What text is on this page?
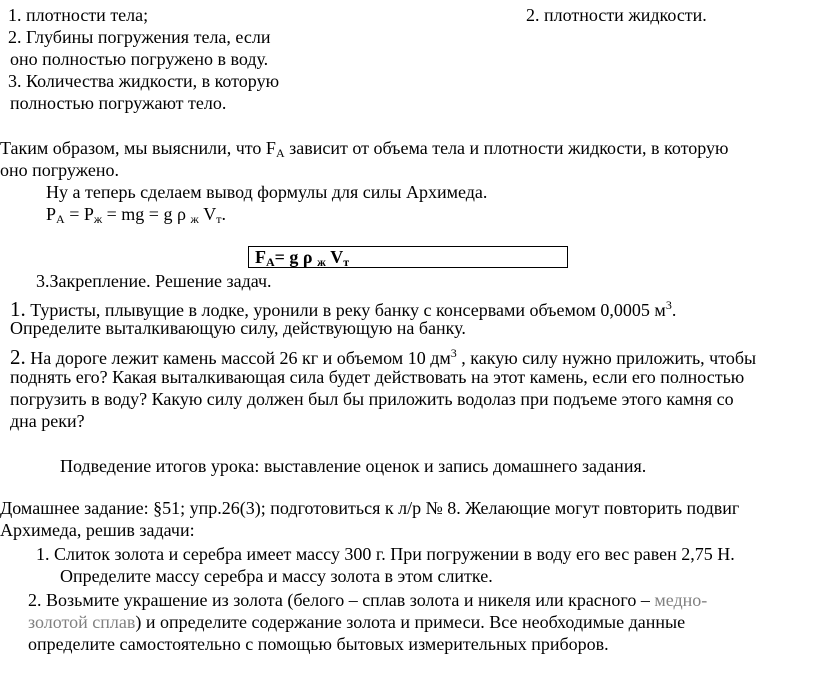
1. плотности тела;	2. плотности жидкости.
2. Глубины погружения тела, если
оно полностью погружено в воду.
3. Количества жидкости, в которую
полностью погружают тело.
Таким образом, мы выяснили, что $F_A$ зависит от объема тела и плотности жидкости, в которую
оно погружено.
Ну а теперь сделаем вывод формулы для силы Архимеда.
$P_A = P_ж$ = mg = g ρ $_ж$ $V_т$.
$F_A= g$ ρ $_ж$ $V_т$
3.Закрепление. Решение задач.
1. Туристы, плывущие в лодке, уронили в реку банку с консервами объемом 0,0005 $м^3$.
Определите выталкивающую силу, действующую на банку.
2. На дороге лежит камень массой 26 кг и объемом 10 $дм^3$ , какую силу нужно приложить, чтобы
поднять его? Какая выталкивающая сила будет действовать на этот камень, если его полностью
погрузить в воду? Какую силу должен был бы приложить водолаз при подъеме этого камня со
дна реки?
Подведение итогов урока: выставление оценок и запись домашнего задания.
Домашнее задание: §51; упр.26(3); подготовиться к л/р № 8. Желающие могут повторить подвиг
Архимеда, решив задачи:
1. Слиток золота и серебра имеет массу 300 г. При погружении в воду его вес равен 2,75 Н.
Определите массу серебра и массу золота в этом слитке.
2. Возьмите украшение из золота (белого – сплав золота и никеля или красного – медно-
золотой сплав) и определите содержание золота и примеси. Все необходимые данные
определите самостоятельно с помощью бытовых измерительных приборов.
